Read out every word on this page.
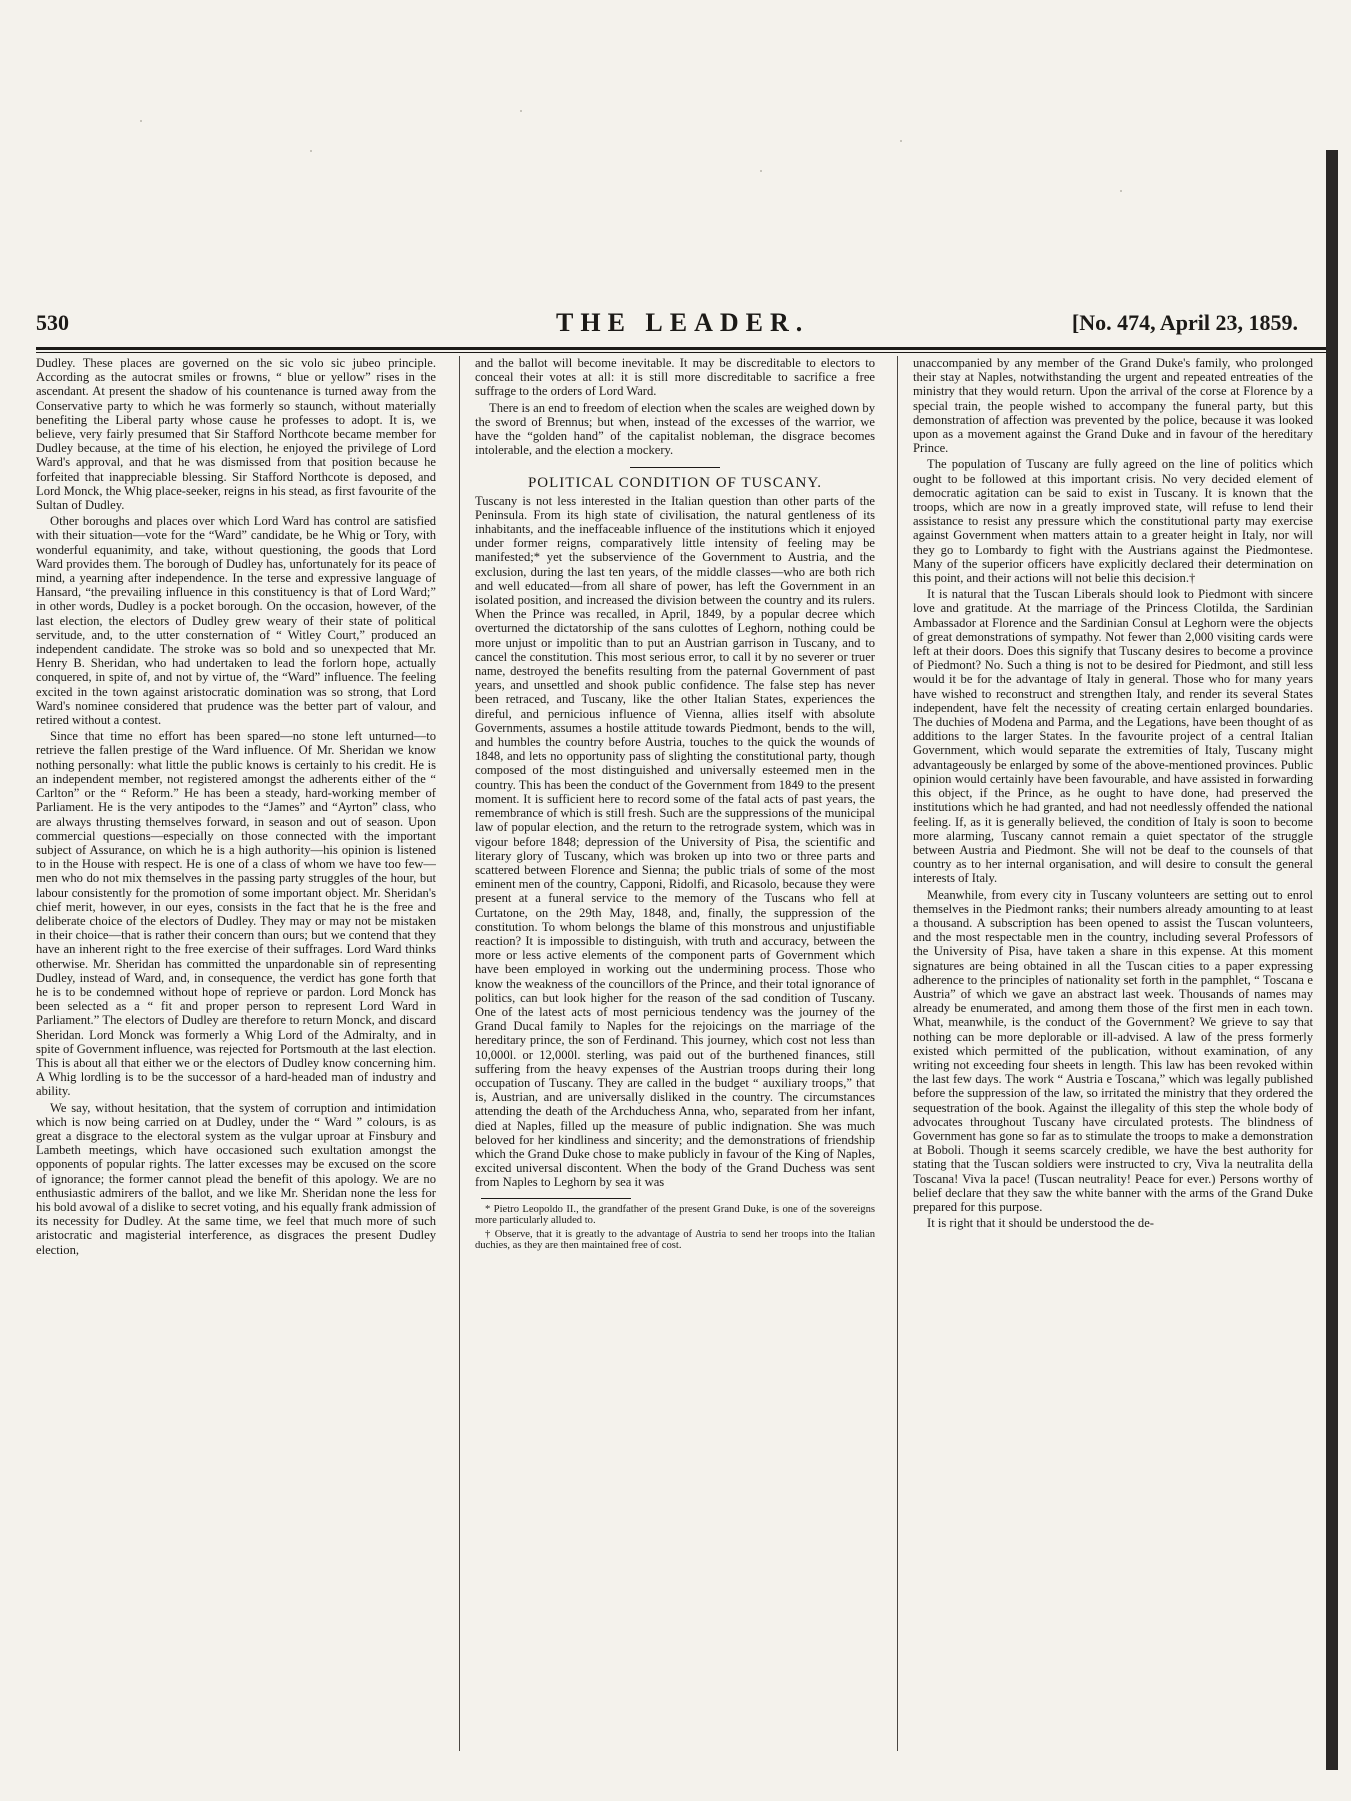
530	THE LEADER.	[No. 474, April 23, 1859.

Dudley. These places are governed on the sic volo sic jubeo principle. According as the autocrat smiles or frowns, “ blue or yellow” rises in the ascendant. At present the shadow of his countenance is turned away from the Conservative party to which he was formerly so staunch, without materially benefiting the Liberal party whose cause he professes to adopt. It is, we believe, very fairly presumed that Sir Stafford Northcote became member for Dudley because, at the time of his election, he enjoyed the privilege of Lord Ward's approval, and that he was dismissed from that position because he forfeited that inappreciable blessing. Sir Stafford Northcote is deposed, and Lord Monck, the Whig place-seeker, reigns in his stead, as first favourite of the Sultan of Dudley.

Other boroughs and places over which Lord Ward has control are satisfied with their situation—vote for the “Ward” candidate, be he Whig or Tory, with wonderful equanimity, and take, without questioning, the goods that Lord Ward provides them. The borough of Dudley has, unfortunately for its peace of mind, a yearning after independence. In the terse and expressive language of Hansard, “the prevailing influence in this constituency is that of Lord Ward;” in other words, Dudley is a pocket borough. On the occasion, however, of the last election, the electors of Dudley grew weary of their state of political servitude, and, to the utter consternation of “ Witley Court,” produced an independent candidate. The stroke was so bold and so unexpected that Mr. Henry B. Sheridan, who had undertaken to lead the forlorn hope, actually conquered, in spite of, and not by virtue of, the “Ward” influence. The feeling excited in the town against aristocratic domination was so strong, that Lord Ward's nominee considered that prudence was the better part of valour, and retired without a contest.

Since that time no effort has been spared—no stone left unturned—to retrieve the fallen prestige of the Ward influence. Of Mr. Sheridan we know nothing personally: what little the public knows is certainly to his credit. He is an independent member, not registered amongst the adherents either of the “ Carlton” or the “ Reform.” He has been a steady, hard-working member of Parliament. He is the very antipodes to the “James” and “Ayrton” class, who are always thrusting themselves forward, in season and out of season. Upon commercial questions—especially on those connected with the important subject of Assurance, on which he is a high authority—his opinion is listened to in the House with respect. He is one of a class of whom we have too few—men who do not mix themselves in the passing party struggles of the hour, but labour consistently for the promotion of some important object. Mr. Sheridan's chief merit, however, in our eyes, consists in the fact that he is the free and deliberate choice of the electors of Dudley. They may or may not be mistaken in their choice—that is rather their concern than ours; but we contend that they have an inherent right to the free exercise of their suffrages. Lord Ward thinks otherwise. Mr. Sheridan has committed the unpardonable sin of representing Dudley, instead of Ward, and, in consequence, the verdict has gone forth that he is to be condemned without hope of reprieve or pardon. Lord Monck has been selected as a “ fit and proper person to represent Lord Ward in Parliament.” The electors of Dudley are therefore to return Monck, and discard Sheridan. Lord Monck was formerly a Whig Lord of the Admiralty, and in spite of Government influence, was rejected for Portsmouth at the last election. This is about all that either we or the electors of Dudley know concerning him. A Whig lordling is to be the successor of a hard-headed man of industry and ability.

We say, without hesitation, that the system of corruption and intimidation which is now being carried on at Dudley, under the “ Ward ” colours, is as great a disgrace to the electoral system as the vulgar uproar at Finsbury and Lambeth meetings, which have occasioned such exultation amongst the opponents of popular rights. The latter excesses may be excused on the score of ignorance; the former cannot plead the benefit of this apology. We are no enthusiastic admirers of the ballot, and we like Mr. Sheridan none the less for his bold avowal of a dislike to secret voting, and his equally frank admission of its necessity for Dudley. At the same time, we feel that much more of such aristocratic and magisterial interference, as disgraces the present Dudley election,

and the ballot will become inevitable. It may be discreditable to electors to conceal their votes at all: it is still more discreditable to sacrifice a free suffrage to the orders of Lord Ward.

There is an end to freedom of election when the scales are weighed down by the sword of Brennus; but when, instead of the excesses of the warrior, we have the “golden hand” of the capitalist nobleman, the disgrace becomes intolerable, and the election a mockery.

POLITICAL CONDITION OF TUSCANY.

Tuscany is not less interested in the Italian question than other parts of the Peninsula. From its high state of civilisation, the natural gentleness of its inhabitants, and the ineffaceable influence of the institutions which it enjoyed under former reigns, comparatively little intensity of feeling may be manifested;* yet the subservience of the Government to Austria, and the exclusion, during the last ten years, of the middle classes—who are both rich and well educated—from all share of power, has left the Government in an isolated position, and increased the division between the country and its rulers. When the Prince was recalled, in April, 1849, by a popular decree which overturned the dictatorship of the sans culottes of Leghorn, nothing could be more unjust or impolitic than to put an Austrian garrison in Tuscany, and to cancel the constitution. This most serious error, to call it by no severer or truer name, destroyed the benefits resulting from the paternal Government of past years, and unsettled and shook public confidence. The false step has never been retraced, and Tuscany, like the other Italian States, experiences the direful, and pernicious influence of Vienna, allies itself with absolute Governments, assumes a hostile attitude towards Piedmont, bends to the will, and humbles the country before Austria, touches to the quick the wounds of 1848, and lets no opportunity pass of slighting the constitutional party, though composed of the most distinguished and universally esteemed men in the country. This has been the conduct of the Government from 1849 to the present moment. It is sufficient here to record some of the fatal acts of past years, the remembrance of which is still fresh. Such are the suppressions of the municipal law of popular election, and the return to the retrograde system, which was in vigour before 1848; depression of the University of Pisa, the scientific and literary glory of Tuscany, which was broken up into two or three parts and scattered between Florence and Sienna; the public trials of some of the most eminent men of the country, Capponi, Ridolfi, and Ricasolo, because they were present at a funeral service to the memory of the Tuscans who fell at Curtatone, on the 29th May, 1848, and, finally, the suppression of the constitution. To whom belongs the blame of this monstrous and unjustifiable reaction? It is impossible to distinguish, with truth and accuracy, between the more or less active elements of the component parts of Government which have been employed in working out the undermining process. Those who know the weakness of the councillors of the Prince, and their total ignorance of politics, can but look higher for the reason of the sad condition of Tuscany. One of the latest acts of most pernicious tendency was the journey of the Grand Ducal family to Naples for the rejoicings on the marriage of the hereditary prince, the son of Ferdinand. This journey, which cost not less than 10,000l. or 12,000l. sterling, was paid out of the burthened finances, still suffering from the heavy expenses of the Austrian troops during their long occupation of Tuscany. They are called in the budget “ auxiliary troops,” that is, Austrian, and are universally disliked in the country. The circumstances attending the death of the Archduchess Anna, who, separated from her infant, died at Naples, filled up the measure of public indignation. She was much beloved for her kindliness and sincerity; and the demonstrations of friendship which the Grand Duke chose to make publicly in favour of the King of Naples, excited universal discontent. When the body of the Grand Duchess was sent from Naples to Leghorn by sea it was

* Pietro Leopoldo II., the grandfather of the present Grand Duke, is one of the sovereigns more particularly alluded to.

† Observe, that it is greatly to the advantage of Austria to send her troops into the Italian duchies, as they are then maintained free of cost.

unaccompanied by any member of the Grand Duke's family, who prolonged their stay at Naples, notwithstanding the urgent and repeated entreaties of the ministry that they would return. Upon the arrival of the corse at Florence by a special train, the people wished to accompany the funeral party, but this demonstration of affection was prevented by the police, because it was looked upon as a movement against the Grand Duke and in favour of the hereditary Prince.

The population of Tuscany are fully agreed on the line of politics which ought to be followed at this important crisis. No very decided element of democratic agitation can be said to exist in Tuscany. It is known that the troops, which are now in a greatly improved state, will refuse to lend their assistance to resist any pressure which the constitutional party may exercise against Government when matters attain to a greater height in Italy, nor will they go to Lombardy to fight with the Austrians against the Piedmontese. Many of the superior officers have explicitly declared their determination on this point, and their actions will not belie this decision.†

It is natural that the Tuscan Liberals should look to Piedmont with sincere love and gratitude. At the marriage of the Princess Clotilda, the Sardinian Ambassador at Florence and the Sardinian Consul at Leghorn were the objects of great demonstrations of sympathy. Not fewer than 2,000 visiting cards were left at their doors. Does this signify that Tuscany desires to become a province of Piedmont? No. Such a thing is not to be desired for Piedmont, and still less would it be for the advantage of Italy in general. Those who for many years have wished to reconstruct and strengthen Italy, and render its several States independent, have felt the necessity of creating certain enlarged boundaries. The duchies of Modena and Parma, and the Legations, have been thought of as additions to the larger States. In the favourite project of a central Italian Government, which would separate the extremities of Italy, Tuscany might advantageously be enlarged by some of the above-mentioned provinces. Public opinion would certainly have been favourable, and have assisted in forwarding this object, if the Prince, as he ought to have done, had preserved the institutions which he had granted, and had not needlessly offended the national feeling. If, as it is generally believed, the condition of Italy is soon to become more alarming, Tuscany cannot remain a quiet spectator of the struggle between Austria and Piedmont. She will not be deaf to the counsels of that country as to her internal organisation, and will desire to consult the general interests of Italy.

Meanwhile, from every city in Tuscany volunteers are setting out to enrol themselves in the Piedmont ranks; their numbers already amounting to at least a thousand. A subscription has been opened to assist the Tuscan volunteers, and the most respectable men in the country, including several Professors of the University of Pisa, have taken a share in this expense. At this moment signatures are being obtained in all the Tuscan cities to a paper expressing adherence to the principles of nationality set forth in the pamphlet, “ Toscana e Austria” of which we gave an abstract last week. Thousands of names may already be enumerated, and among them those of the first men in each town. What, meanwhile, is the conduct of the Government? We grieve to say that nothing can be more deplorable or ill-advised. A law of the press formerly existed which permitted of the publication, without examination, of any writing not exceeding four sheets in length. This law has been revoked within the last few days. The work “ Austria e Toscana,” which was legally published before the suppression of the law, so irritated the ministry that they ordered the sequestration of the book. Against the illegality of this step the whole body of advocates throughout Tuscany have circulated protests. The blindness of Government has gone so far as to stimulate the troops to make a demonstration at Boboli. Though it seems scarcely credible, we have the best authority for stating that the Tuscan soldiers were instructed to cry, Viva la neutralita della Toscana! Viva la pace! (Tuscan neutrality! Peace for ever.) Persons worthy of belief declare that they saw the white banner with the arms of the Grand Duke prepared for this purpose.

It is right that it should be understood the de-
